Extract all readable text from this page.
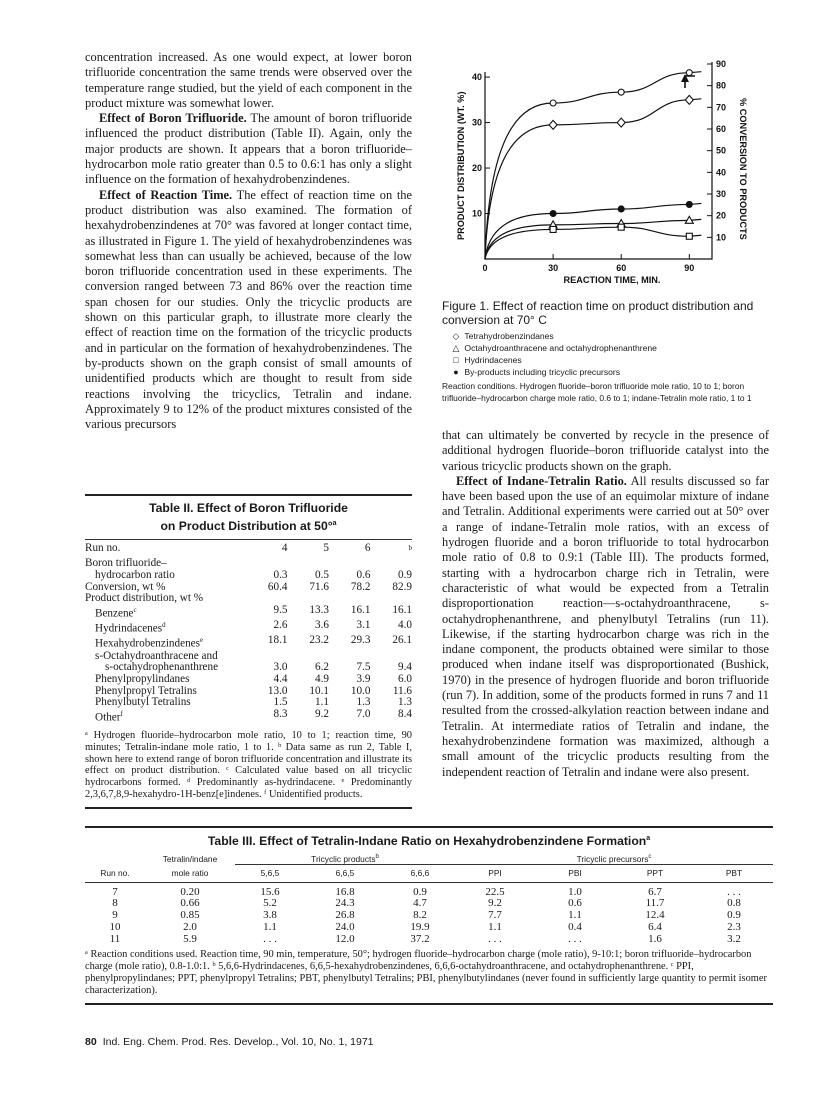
concentration increased. As one would expect, at lower boron trifluoride concentration the same trends were observed over the temperature range studied, but the yield of each component in the product mixture was somewhat lower.

Effect of Boron Trifluoride. The amount of boron trifluoride influenced the product distribution (Table II). Again, only the major products are shown. It appears that a boron trifluoride–hydrocarbon mole ratio greater than 0.5 to 0.6:1 has only a slight influence on the formation of hexahydrobenzindenes.

Effect of Reaction Time. The effect of reaction time on the product distribution was also examined. The formation of hexahydrobenzindenes at 70° was favored at longer contact time, as illustrated in Figure 1. The yield of hexahydrobenzindenes was somewhat less than can usually be achieved, because of the low boron trifluoride concentration used in these experiments. The conversion ranged between 73 and 86% over the reaction time span chosen for our studies. Only the tricyclic products are shown on this particular graph, to illustrate more clearly the effect of reaction time on the formation of the tricyclic products and in particular on the formation of hexahydrobenzindenes. The by-products shown on the graph consist of small amounts of unidentified products which are thought to result from side reactions involving the tricyclics, Tetralin and indane. Approximately 9 to 12% of the product mixtures consisted of the various precursors

Table II. Effect of Boron Trifluoride
on Product Distribution at 50°$^a$
Run no.	4	5	6	$^b$
Boron trifluoride–
hydrocarbon ratio	0.3	0.5	0.6	0.9
Conversion, wt %	60.4	71.6	78.2	82.9
Product distribution, wt %
Benzene$^c$	9.5	13.3	16.1	16.1
Hydrindacenes$^d$	2.6	3.6	3.1	4.0
Hexahydrobenzindenes$^e$	18.1	23.2	29.3	26.1
s-Octahydroanthracene and
s-octahydrophenanthrene	3.0	6.2	7.5	9.4
Phenylpropylindanes	4.4	4.9	3.9	6.0
Phenylpropyl Tetralins	13.0	10.1	10.0	11.6
Phenylbutyl Tetralins	1.5	1.1	1.3	1.3
Other$^f$	8.3	9.2	7.0	8.4
ᵃ Hydrogen fluoride–hydrocarbon mole ratio, 10 to 1; reaction time, 90 minutes; Tetralin-indane mole ratio, 1 to 1. ᵇ Data same as run 2, Table I, shown here to extend range of boron trifluoride concentration and illustrate its effect on product distribution. ᶜ Calculated value based on all tricyclic hydrocarbons formed. ᵈ Predominantly as-hydrindacene. ᵉ Predominantly 2,3,6,7,8,9-hexahydro-1H-benz[e]indenes. ᶠ Unidentified products.
0	30	60	90
10
20
30
40
10
20
30
40
50
60
70
80
90
PRODUCT DISTRIBUTION (WT. %)	% CONVERSION TO PRODUCTS
REACTION TIME, MIN.

Figure 1. Effect of reaction time on product distribution and conversion at 70° C

◇
Tetrahydrobenzindanes
△
Octahydroanthracene and octahydrophenanthrene
□
Hydrindacenes
●
By-products including tricyclic precursors
Reaction conditions. Hydrogen fluoride–boron trifluoride mole ratio, 10 to 1; boron trifluoride–hydrocarbon charge mole ratio, 0.6 to 1; indane-Tetralin mole ratio, 1 to 1

that can ultimately be converted by recycle in the presence of additional hydrogen fluoride–boron trifluoride catalyst into the various tricyclic products shown on the graph.

Effect of Indane-Tetralin Ratio. All results discussed so far have been based upon the use of an equimolar mixture of indane and Tetralin. Additional experiments were carried out at 50° over a range of indane-Tetralin mole ratios, with an excess of hydrogen fluoride and a boron trifluoride to total hydrocarbon mole ratio of 0.8 to 0.9:1 (Table III). The products formed, starting with a hydrocarbon charge rich in Tetralin, were characteristic of what would be expected from a Tetralin disproportionation reaction—s-octahydroanthracene, s-octahydrophenanthrene, and phenylbutyl Tetralins (run 11). Likewise, if the starting hydrocarbon charge was rich in the indane component, the products obtained were similar to those produced when indane itself was disproportionated (Bushick, 1970) in the presence of hydrogen fluoride and boron trifluoride (run 7). In addition, some of the products formed in runs 7 and 11 resulted from the crossed-alkylation reaction between indane and Tetralin. At intermediate ratios of Tetralin and indane, the hexahydrobenzindene formation was maximized, although a small amount of the tricyclic products resulting from the independent reaction of Tetralin and indane were also present.

Table III. Effect of Tetralin-Indane Ratio on Hexahydrobenzindene Formation$^a$
	Tetralin/indane	Tricyclic products$^b$			Tricyclic precursors$^c$
Run no.	mole ratio	5,6,5	6,6,5	6,6,6	PPI	PBI	PPT	PBT
7	0.20	15.6	16.8	0.9	22.5	1.0	6.7	. . .
8	0.66	5.2	24.3	4.7	9.2	0.6	11.7	0.8
9	0.85	3.8	26.8	8.2	7.7	1.1	12.4	0.9
10	2.0	1.1	24.0	19.9	1.1	0.4	6.4	2.3
11	5.9	. . .	12.0	37.2	. . .	. . .	1.6	3.2
ᵃ Reaction conditions used. Reaction time, 90 min, temperature, 50°; hydrogen fluoride–hydrocarbon charge (mole ratio), 9-10:1; boron trifluoride–hydrocarbon charge (mole ratio), 0.8-1.0:1. ᵇ 5,6,6-Hydrindacenes, 6,6,5-hexahydrobenzindenes, 6,6,6-octahydroanthracene, and octahydrophenanthrene. ᶜ PPI, phenylpropylindanes; PPT, phenylpropyl Tetralins; PBT, phenylbutyl Tetralins; PBI, phenylbutylindanes (never found in sufficiently large quantity to permit isomer characterization).
80 Ind. Eng. Chem. Prod. Res. Develop., Vol. 10, No. 1, 1971
